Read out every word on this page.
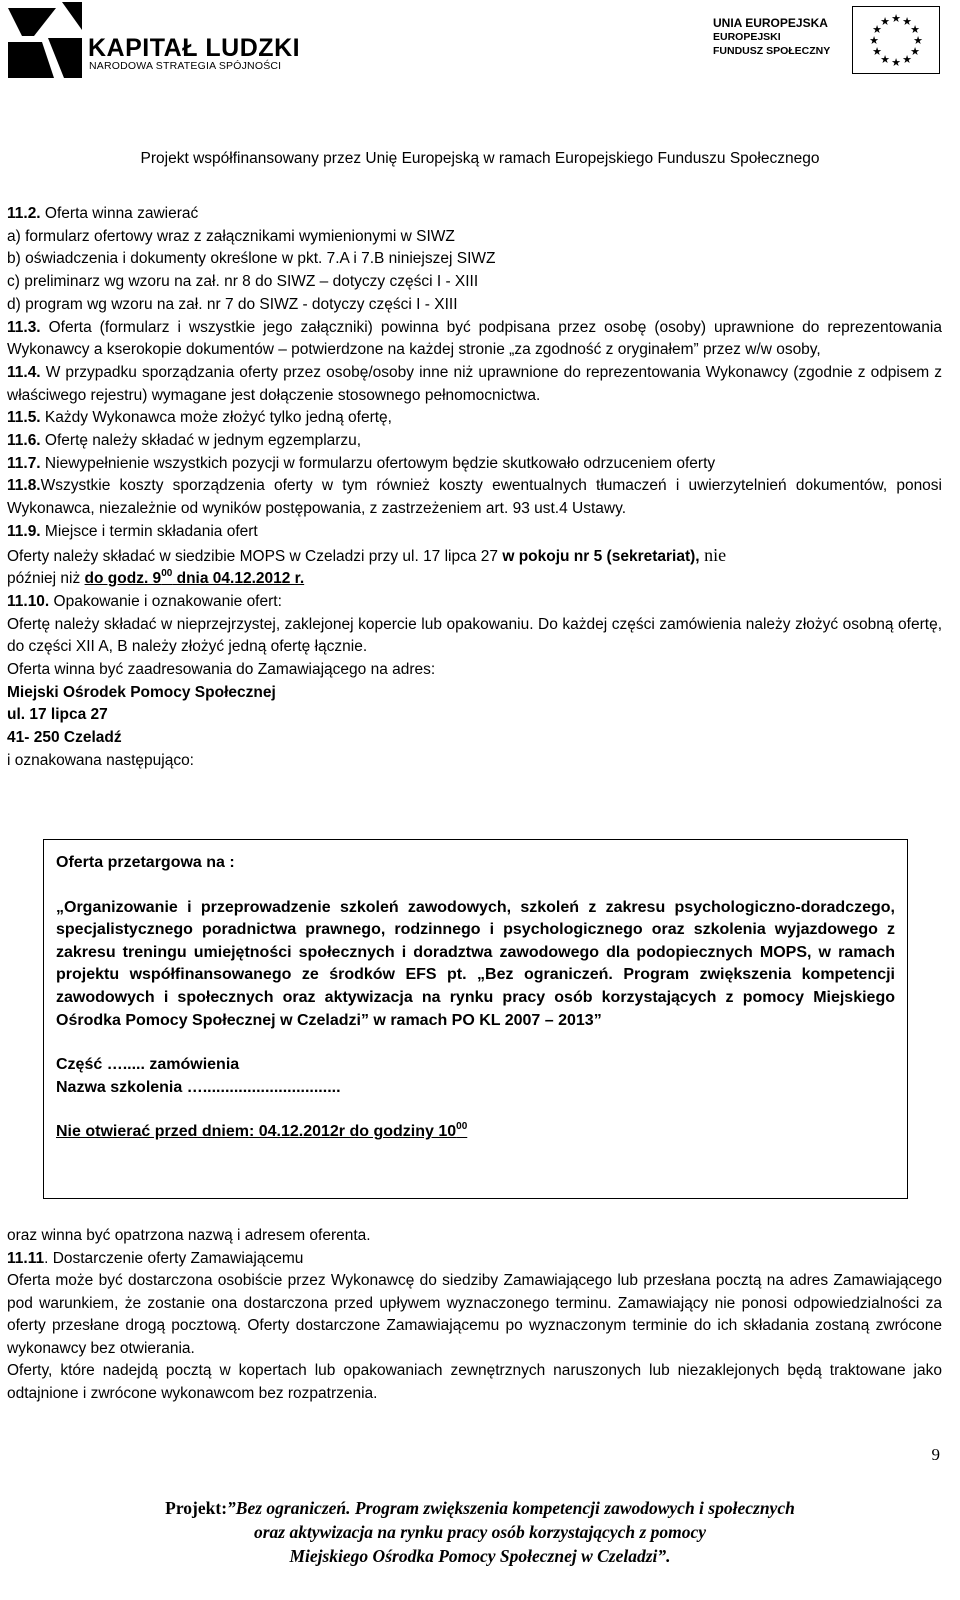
KAPITAŁ LUDZKI
NARODOWA STRATEGIA SPÓJNOŚCI
UNIA EUROPEJSKA
EUROPEJSKI
FUNDUSZ SPOŁECZNY
★ ★
★
★
★
★
★
★
★
★
★
★
Projekt współfinansowany przez Unię Europejską w ramach Europejskiego Funduszu Społecznego

11.2. Oferta winna zawierać

a) formularz ofertowy wraz z załącznikami wymienionymi w SIWZ

b) oświadczenia i dokumenty określone w pkt. 7.A i 7.B niniejszej SIWZ

c) preliminarz wg wzoru na zał. nr 8 do SIWZ – dotyczy części I - XIII

d) program wg wzoru na zał. nr 7 do SIWZ - dotyczy części I - XIII

11.3. Oferta (formularz i wszystkie jego załączniki) powinna być podpisana przez osobę (osoby) uprawnione do reprezentowania Wykonawcy a kserokopie dokumentów – potwierdzone na każdej stronie „za zgodność z oryginałem” przez w/w osoby,

11.4. W przypadku sporządzania oferty przez osobę/osoby inne niż uprawnione do reprezentowania Wykonawcy (zgodnie z odpisem z właściwego rejestru) wymagane jest dołączenie stosownego pełnomocnictwa.

11.5. Każdy Wykonawca może złożyć tylko jedną ofertę,

11.6. Ofertę należy składać w jednym egzemplarzu,

11.7. Niewypełnienie wszystkich pozycji w formularzu ofertowym będzie skutkowało odrzuceniem oferty

11.8.Wszystkie koszty sporządzenia oferty w tym również koszty ewentualnych tłumaczeń i uwierzytelnień dokumentów, ponosi Wykonawca, niezależnie od wyników postępowania, z zastrzeżeniem art. 93 ust.4 Ustawy.

11.9. Miejsce i termin składania ofert

Oferty należy składać w siedzibie MOPS w Czeladzi przy ul. 17 lipca 27 w pokoju nr 5 (sekretariat), nie

później niż do godz. $9^{00}$ dnia 04.12.2012 r.

11.10. Opakowanie i oznakowanie ofert:

Ofertę należy składać w nieprzejrzystej, zaklejonej kopercie lub opakowaniu. Do każdej części zamówienia należy złożyć osobną ofertę, do części XII A, B należy złożyć jedną ofertę łącznie.

Oferta winna być zaadresowania do Zamawiającego na adres:

Miejski Ośrodek Pomocy Społecznej

ul. 17 lipca 27

41- 250 Czeladź

i oznakowana następująco:

Oferta przetargowa na :

„Organizowanie i przeprowadzenie szkoleń zawodowych, szkoleń z zakresu psychologiczno-doradczego, specjalistycznego poradnictwa prawnego, rodzinnego i psychologicznego oraz szkolenia wyjazdowego z zakresu treningu umiejętności społecznych i doradztwa zawodowego dla podopiecznych MOPS, w ramach projektu współfinansowanego ze środków EFS pt. „Bez ograniczeń. Program zwiększenia kompetencji zawodowych i społecznych oraz aktywizacja na rynku pracy osób korzystających z pomocy Miejskiego Ośrodka Pomocy Społecznej w Czeladzi” w ramach PO KL 2007 – 2013”

Część …..... zamówienia

Nazwa szkolenia …...............................

Nie otwierać przed dniem: 04.12.2012r do godziny $10^{00}$

oraz winna być opatrzona nazwą i adresem oferenta.

11.11. Dostarczenie oferty Zamawiającemu

Oferta może być dostarczona osobiście przez Wykonawcę do siedziby Zamawiającego lub przesłana pocztą na adres Zamawiającego pod warunkiem, że zostanie ona dostarczona przed upływem wyznaczonego terminu. Zamawiający nie ponosi odpowiedzialności za oferty przesłane drogą pocztową. Oferty dostarczone Zamawiającemu po wyznaczonym terminie do ich składania zostaną zwrócone wykonawcy bez otwierania.

Oferty, które nadejdą pocztą w kopertach lub opakowaniach zewnętrznych naruszonych lub niezaklejonych będą traktowane jako odtajnione i zwrócone wykonawcom bez rozpatrzenia.

9
Projekt:”Bez ograniczeń. Program zwiększenia kompetencji zawodowych i społecznych
oraz aktywizacja na rynku pracy osób korzystających z pomocy
Miejskiego Ośrodka Pomocy Społecznej w Czeladzi”.
